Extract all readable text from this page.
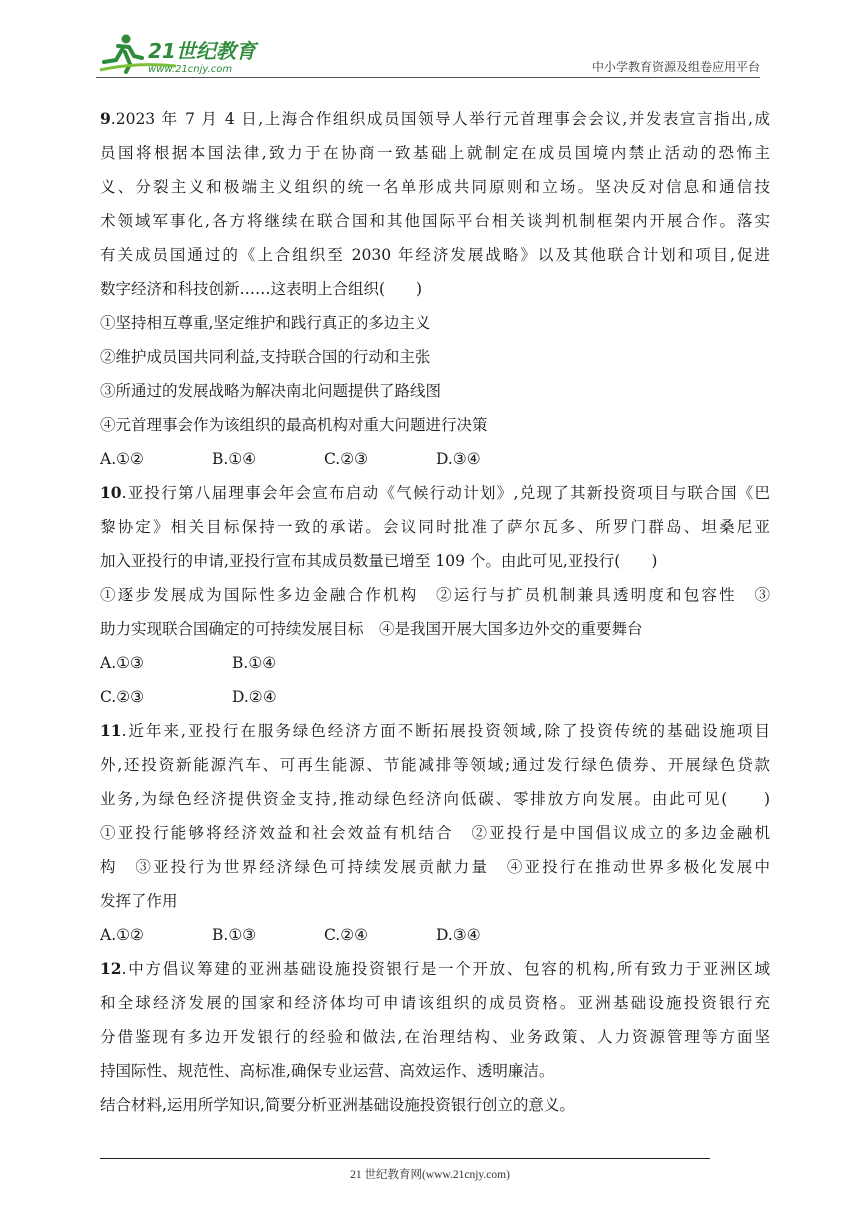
21世纪教育
www.21cnjy.com	中小学教育资源及组卷应用平台
9.2023 年 7 月 4 日,上海合作组织成员国领导人举行元首理事会会议,并发表宣言指出,成
员国将根据本国法律,致力于在协商一致基础上就制定在成员国境内禁止活动的恐怖主
义、分裂主义和极端主义组织的统一名单形成共同原则和立场。坚决反对信息和通信技
术领域军事化,各方将继续在联合国和其他国际平台相关谈判机制框架内开展合作。落实
有关成员国通过的《上合组织至 2030 年经济发展战略》以及其他联合计划和项目,促进
数字经济和科技创新……这表明上合组织(　　)
①坚持相互尊重,坚定维护和践行真正的多边主义
②维护成员国共同利益,支持联合国的行动和主张
③所通过的发展战略为解决南北问题提供了路线图
④元首理事会作为该组织的最高机构对重大问题进行决策
A.①②	B.①④	C.②③	D.③④
10.亚投行第八届理事会年会宣布启动《气候行动计划》,兑现了其新投资项目与联合国《巴
黎协定》相关目标保持一致的承诺。会议同时批准了萨尔瓦多、所罗门群岛、坦桑尼亚
加入亚投行的申请,亚投行宣布其成员数量已增至 109 个。由此可见,亚投行(　　)
①逐步发展成为国际性多边金融合作机构　②运行与扩员机制兼具透明度和包容性　③
助力实现联合国确定的可持续发展目标　④是我国开展大国多边外交的重要舞台
A.①③	B.①④
C.②③	D.②④
11.近年来,亚投行在服务绿色经济方面不断拓展投资领域,除了投资传统的基础设施项目
外,还投资新能源汽车、可再生能源、节能减排等领域;通过发行绿色债券、开展绿色贷款
业务,为绿色经济提供资金支持,推动绿色经济向低碳、零排放方向发展。由此可见(　　)
①亚投行能够将经济效益和社会效益有机结合　②亚投行是中国倡议成立的多边金融机
构　③亚投行为世界经济绿色可持续发展贡献力量　④亚投行在推动世界多极化发展中
发挥了作用
A.①②	B.①③	C.②④	D.③④
12.中方倡议筹建的亚洲基础设施投资银行是一个开放、包容的机构,所有致力于亚洲区域
和全球经济发展的国家和经济体均可申请该组织的成员资格。亚洲基础设施投资银行充
分借鉴现有多边开发银行的经验和做法,在治理结构、业务政策、人力资源管理等方面坚
持国际性、规范性、高标准,确保专业运营、高效运作、透明廉洁。
结合材料,运用所学知识,简要分析亚洲基础设施投资银行创立的意义。
21 世纪教育网(www.21cnjy.com)
